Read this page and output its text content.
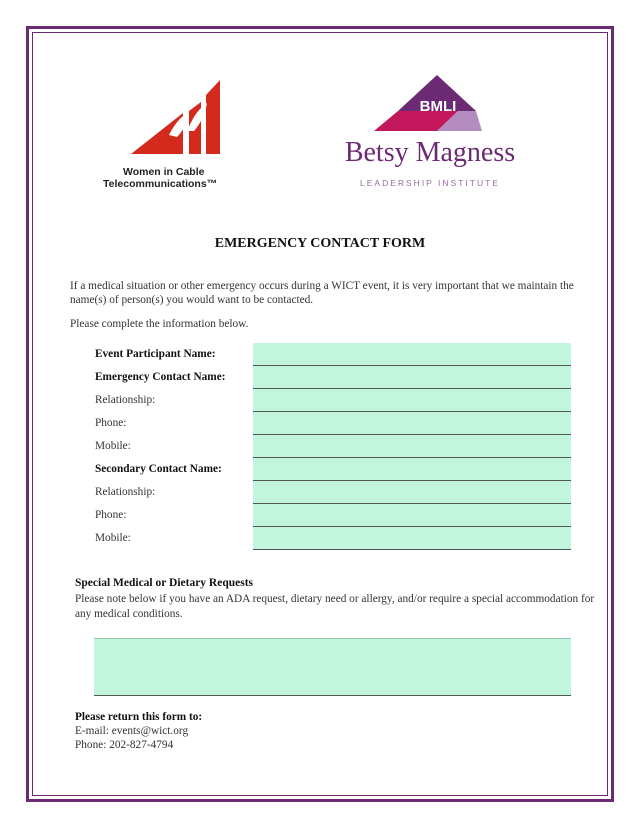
Women in Cable
Telecommunications™
BMLI
Betsy Magness
LEADERSHIP INSTITUTE
EMERGENCY CONTACT FORM

If a medical situation or other emergency occurs during a WICT event, it is very important that we maintain the name(s) of person(s) you would want to be contacted.

Please complete the information below.

Event Participant Name:
Emergency Contact Name:
Relationship:
Phone:
Mobile:
Secondary Contact Name:
Relationship:
Phone:
Mobile:

Special Medical or Dietary Requests

Please note below if you have an ADA request, dietary need or allergy, and/or require a special accommodation for any medical conditions.

Please return this form to:

E-mail: events@wict.org

Phone: 202-827-4794
